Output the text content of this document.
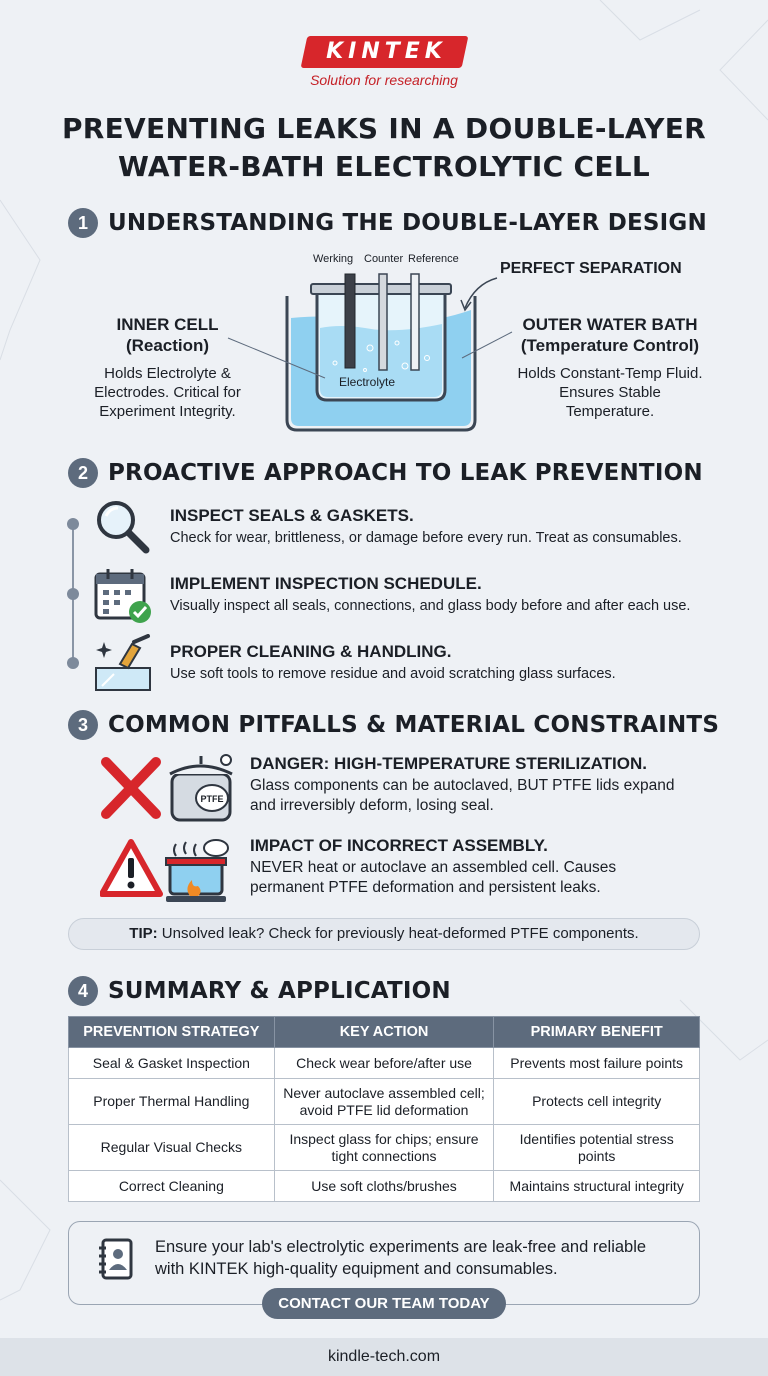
KINTEK
Solution for researching
PREVENTING LEAKS IN A DOUBLE-LAYER
WATER-BATH ELECTROLYTIC CELL
1 UNDERSTANDING THE DOUBLE-LAYER DESIGN
Electrolyte
Werking Counter Reference
PERFECT SEPARATION
INNER CELL
(Reaction)
Holds Electrolyte &
Electrodes. Critical for
Experiment Integrity.
OUTER WATER BATH
(Temperature Control)
Holds Constant-Temp Fluid.
Ensures Stable
Temperature.
2 PROACTIVE APPROACH TO LEAK PREVENTION
INSPECT SEALS & GASKETS.
Check for wear, brittleness, or damage before every run. Treat as consumables.
IMPLEMENT INSPECTION SCHEDULE.
Visually inspect all seals, connections, and glass body before and after each use.
PROPER CLEANING & HANDLING.
Use soft tools to remove residue and avoid scratching glass surfaces.
3 COMMON PITFALLS & MATERIAL CONSTRAINTS
PTFE
DANGER: HIGH-TEMPERATURE STERILIZATION.
Glass components can be autoclaved, BUT PTFE lids expand
and irreversibly deform, losing seal.
IMPACT OF INCORRECT ASSEMBLY.
NEVER heat or autoclave an assembled cell. Causes
permanent PTFE deformation and persistent leaks.
TIP: Unsolved leak? Check for previously heat-deformed PTFE components.
4 SUMMARY & APPLICATION
PREVENTION STRATEGY	KEY ACTION	PRIMARY BENEFIT
Seal & Gasket Inspection	Check wear before/after use	Prevents most failure points
Proper Thermal Handling	Never autoclave assembled cell; avoid PTFE lid deformation	Protects cell integrity
Regular Visual Checks	Inspect glass for chips; ensure tight connections	Identifies potential stress points
Correct Cleaning	Use soft cloths/brushes	Maintains structural integrity
Ensure your lab's electrolytic experiments are leak-free and reliable
with KINTEK high-quality equipment and consumables.
CONTACT OUR TEAM TODAY
kindle-tech.com
